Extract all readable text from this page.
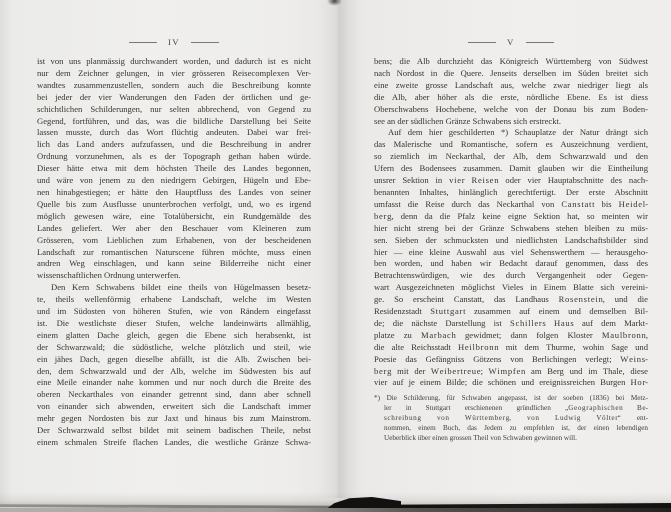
IV
ist von uns planmässig durchwandert worden, und dadurch ist es nicht
nur dem Zeichner gelungen, in vier grösseren Reisecomplexen Ver-
wandtes zusammenzustellen, sondern auch die Beschreibung konnte
bei jeder der vier Wanderungen den Faden der örtlichen und ge-
schichtlichen Schilderungen, nur selten abbrechend, von Gegend zu
Gegend, fortführen, und das, was die bildliche Darstellung bei Seite
lassen musste, durch das Wort flüchtig andeuten. Dabei war frei-
lich das Land anders aufzufassen, und die Beschreibung in andrer
Ordnung vorzunehmen, als es der Topograph gethan haben würde.
Dieser hätte etwa mit dem höchsten Theile des Landes begonnen,
und wäre von jenem zu den niedrigern Gebirgen, Hügeln und Ebe-
nen hinabgestiegen; er hätte den Hauptfluss des Landes von seiner
Quelle bis zum Ausflusse ununterbrochen verfolgt, und, wo es irgend
möglich gewesen wäre, eine Totalübersicht, ein Rundgemälde des
Landes geliefert. Wer aber den Beschauer vom Kleineren zum
Grösseren, vom Lieblichen zum Erhabenen, von der bescheidenen
Landschaft zur romantischen Naturscene führen möchte, muss einen
andren Weg einschlagen, und kann seine Bilderreihe nicht einer
wissenschaftlichen Ordnung unterwerfen.
Den Kern Schwabens bildet eine theils von Hügelmassen besetz-
te, theils wellenförmig erhabene Landschaft, welche im Westen
und im Südosten von höheren Stufen, wie von Rändern eingefasst
ist. Die westlichste dieser Stufen, welche landeinwärts allmählig,
einem glatten Dache gleich, gegen die Ebene sich herabsenkt, ist
der Schwarzwald; die südöstliche, welche plötzlich und steil, wie
ein jähes Dach, gegen dieselbe abfällt, ist die Alb. Zwischen bei-
den, dem Schwarzwald und der Alb, welche im Südwesten bis auf
eine Meile einander nahe kommen und nur noch durch die Breite des
oberen Neckarthales von einander getrennt sind, dann aber schnell
von einander sich abwenden, erweitert sich die Landschaft immer
mehr gegen Nordosten bis zur Jaxt und hinaus bis zum Mainstrom.
Der Schwarzwald selbst bildet mit seinem badischen Theile, nebst
einem schmalen Streife flachen Landes, die westliche Gränze Schwa-
V
bens; die Alb durchzieht das Königreich Württemberg von Südwest
nach Nordost in die Quere. Jenseits derselben im Süden breitet sich
eine zweite grosse Landschaft aus, welche zwar niedriger liegt als
die Alb, aber höher als die erste, nördliche Ebene. Es ist diess
Oberschwabens Hochebene, welche von der Donau bis zum Boden-
see an der südlichen Gränze Schwabens sich erstreckt.
Auf dem hier geschilderten *) Schauplatze der Natur drängt sich
das Malerische und Romantische, sofern es Auszeichnung verdient,
so ziemlich im Neckarthal, der Alb, dem Schwarzwald und den
Ufern des Bodensees zusammen. Damit glauben wir die Eintheilung
unsrer Sektion in v i e r R e i s e n oder vier Hauptabschnitte des nach-
benannten Inhaltes, hinlänglich gerechtfertigt. Der erste Abschnitt
umfasst die Reise durch das Neckarthal von C a n s t a t t bis H e i d e l-
b e r g, denn da die Pfalz keine eigne Sektion hat, so meinten wir
hier nicht streng bei der Gränze Schwabens stehen bleiben zu müs-
sen. Sieben der schmucksten und niedlichsten Landschaftsbilder sind
hier — eine kleine Auswahl aus viel Sehenswerthem — herausgeho-
ben worden, und haben wir Bedacht darauf genommen, dass des
Betrachtenswürdigen, wie des durch Vergangenheit oder Gegen-
wart Ausgezeichneten möglichst Vieles in Einem Blatte sich vereini-
ge. So erscheint Canstatt, das Landhaus R o s e n s t e i n, und die
Residenzstadt S t u t t g a r t zusammen auf einem und demselben Bil-
de; die nächste Darstellung ist S c h i l l e r s H a u s auf dem Markt-
platze zu M a r b a c h gewidmet; dann folgen Kloster M a u l b r o n n,
die alte Reichsstadt H e i l b r o n n mit dem Thurme, wohin Sage und
Poesie das Gefängniss Götzens von Berlichingen verlegt; W e i n s-
b e r g mit der W e i b e r t r e u e; W i m p f e n am Berg und im Thale, diese
vier auf je einem Bilde; die schönen und ereignissreichen Burgen H o r-
*) Die Schilderung, für Schwaben angepasst, ist der soeben (1836) bei Metz-
ler in Stuttgart erschienenen gründlichen „G e o g r a p h i s c h e n B e-
s c h r e i b u n g v o n W ü r t t e m b e r g, v o n L u d w i g V ö l t e r“ ent-
nommen, einem Buch, das Jedem zu empfehlen ist, der einen lebendigen
Ueberblick über einen grossen Theil von Schwaben gewinnen will.
